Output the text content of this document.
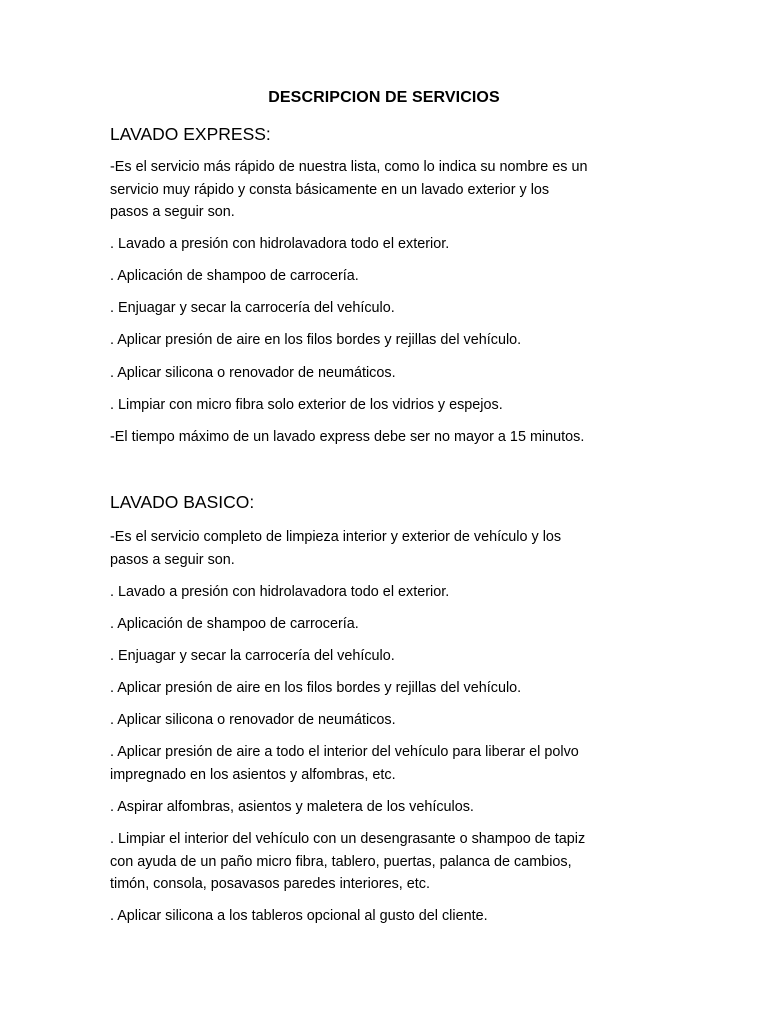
DESCRIPCION DE SERVICIOS
LAVADO EXPRESS:
-Es el servicio más rápido de nuestra lista, como lo indica su nombre es un
servicio muy rápido y consta básicamente en un lavado exterior y los
pasos a seguir son.
. Lavado a presión con hidrolavadora todo el exterior.
. Aplicación de shampoo de carrocería.
. Enjuagar y secar la carrocería del vehículo.
. Aplicar presión de aire en los filos bordes y rejillas del vehículo.
. Aplicar silicona o renovador de neumáticos.
. Limpiar con micro fibra solo exterior de los vidrios y espejos.
-El tiempo máximo de un lavado express debe ser no mayor a 15 minutos.
LAVADO BASICO:
-Es el servicio completo de limpieza interior y exterior de vehículo y los
pasos a seguir son.
. Lavado a presión con hidrolavadora todo el exterior.
. Aplicación de shampoo de carrocería.
. Enjuagar y secar la carrocería del vehículo.
. Aplicar presión de aire en los filos bordes y rejillas del vehículo.
. Aplicar silicona o renovador de neumáticos.
. Aplicar presión de aire a todo el interior del vehículo para liberar el polvo
impregnado en los asientos y alfombras, etc.
. Aspirar alfombras, asientos y maletera de los vehículos.
. Limpiar el interior del vehículo con un desengrasante o shampoo de tapiz
con ayuda de un paño micro fibra, tablero, puertas, palanca de cambios,
timón, consola, posavasos paredes interiores, etc.
. Aplicar silicona a los tableros opcional al gusto del cliente.
